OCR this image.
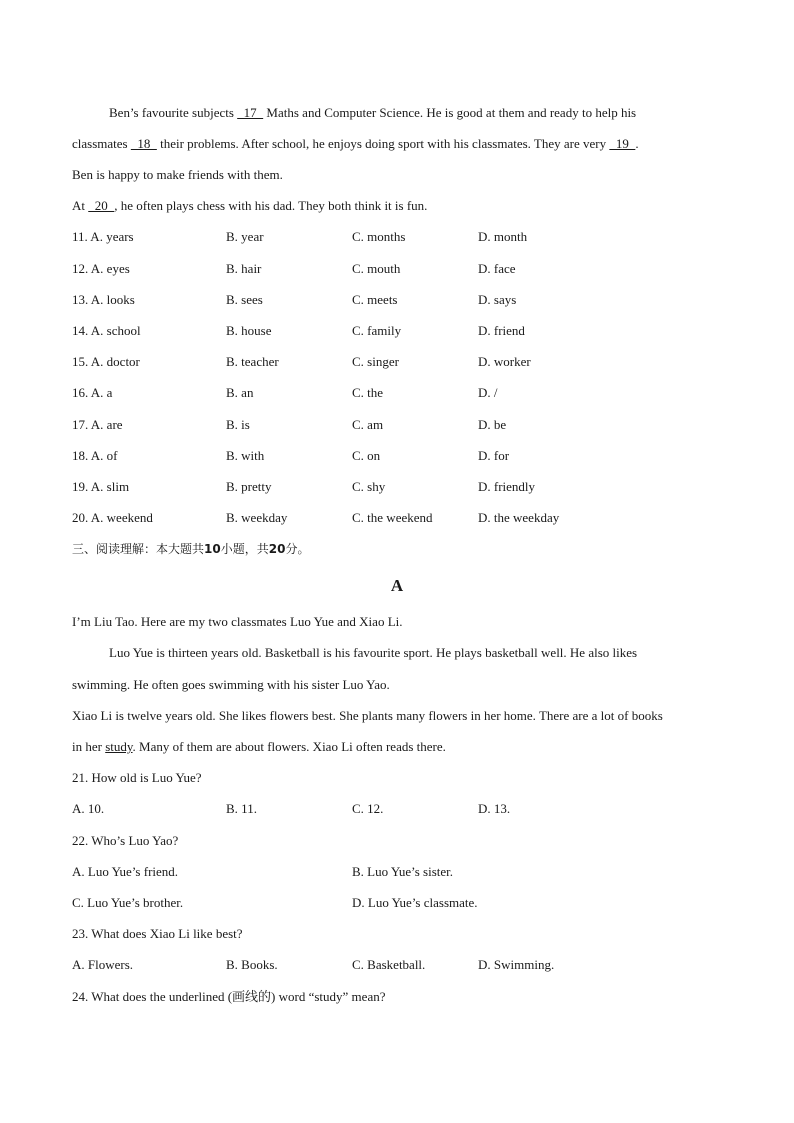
Ben’s favourite subjects   17   Maths and Computer Science. He is good at them and ready to help his
classmates   18   their problems. After school, he enjoys doing sport with his classmates. They are very   19  .
Ben is happy to make friends with them.
At   20  , he often plays chess with his dad. They both think it is fun.
11. A. years	B. year	C. months	D. month
12. A. eyes	B. hair	C. mouth	D. face
13. A. looks	B. sees	C. meets	D. says
14. A. school	B. house	C. family	D. friend
15. A. doctor	B. teacher	C. singer	D. worker
16. A. a	B. an	C. the	D. /
17. A. are	B. is	C. am	D. be
18. A. of	B. with	C. on	D. for
19. A. slim	B. pretty	C. shy	D. friendly
20. A. weekend	B. weekday	C. the weekend	D. the weekday
三、阅读理解：本大题共10小题，共20分。
A
I’m Liu Tao. Here are my two classmates Luo Yue and Xiao Li.
Luo Yue is thirteen years old. Basketball is his favourite sport. He plays basketball well. He also likes
swimming. He often goes swimming with his sister Luo Yao.
Xiao Li is twelve years old. She likes flowers best. She plants many flowers in her home. There are a lot of books
in her study. Many of them are about flowers. Xiao Li often reads there.
21. How old is Luo Yue?
A. 10.	B. 11.	C. 12.	D. 13.
22. Who’s Luo Yao?
A. Luo Yue’s friend.	B. Luo Yue’s sister.
C. Luo Yue’s brother.	D. Luo Yue’s classmate.
23. What does Xiao Li like best?
A. Flowers.	B. Books.	C. Basketball.	D. Swimming.
24. What does the underlined (画线的) word “study” mean?
